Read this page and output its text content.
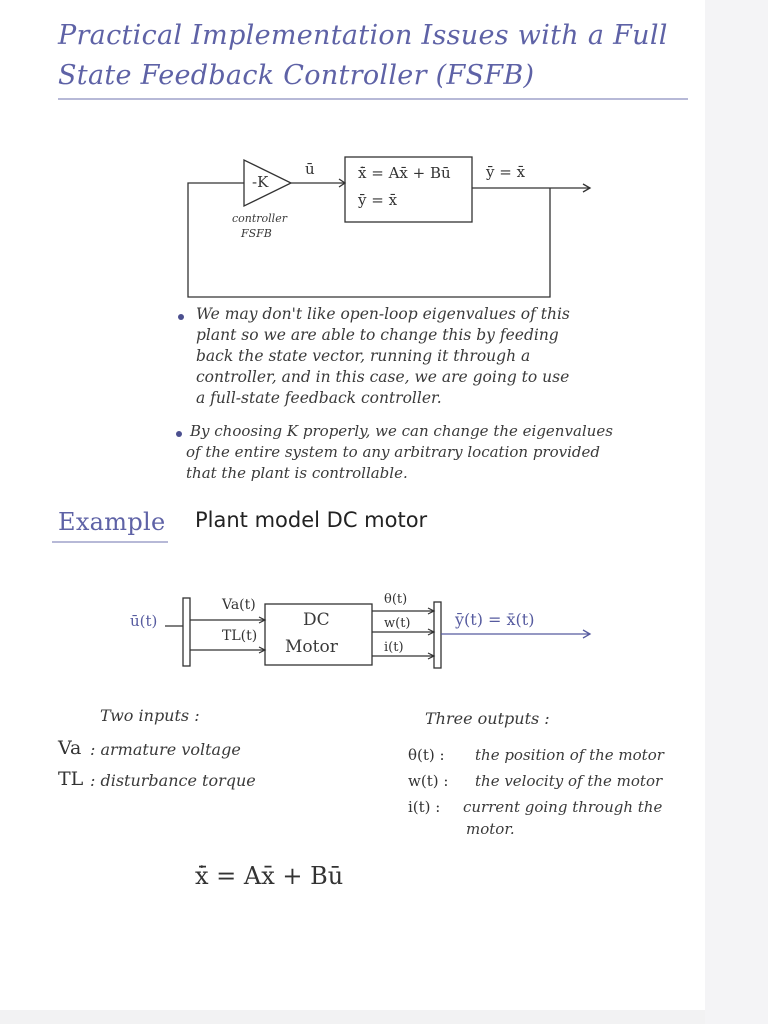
Practical Implementation Issues with a Full
State Feedback Controller (FSFB)
-K
ū	ẋ̄ = Ax̄ + Bū
ȳ = x̄
ȳ = x̄
controller
FSFB
We may don't like open-loop eigenvalues of this
plant so we are able to change this by feeding
back the state vector, running it through a
controller, and in this case, we are going to use
a full-state feedback controller.
By choosing K properly, we can change the eigenvalues
of the entire system to any arbitrary location provided
that the plant is controllable.
Example Plant model DC motor
ū(t)
Va(t)
TL(t)
DC
Motor
θ(t)
w(t)
i(t)
ȳ(t) = x̄(t)
Two inputs :
Va : armature voltage
TL : disturbance torque
Three outputs :
θ(t) : the position of the motor
w(t) : the velocity of the motor
i(t) : current going through the
motor.
ẋ̄ = Ax̄ + Bū
